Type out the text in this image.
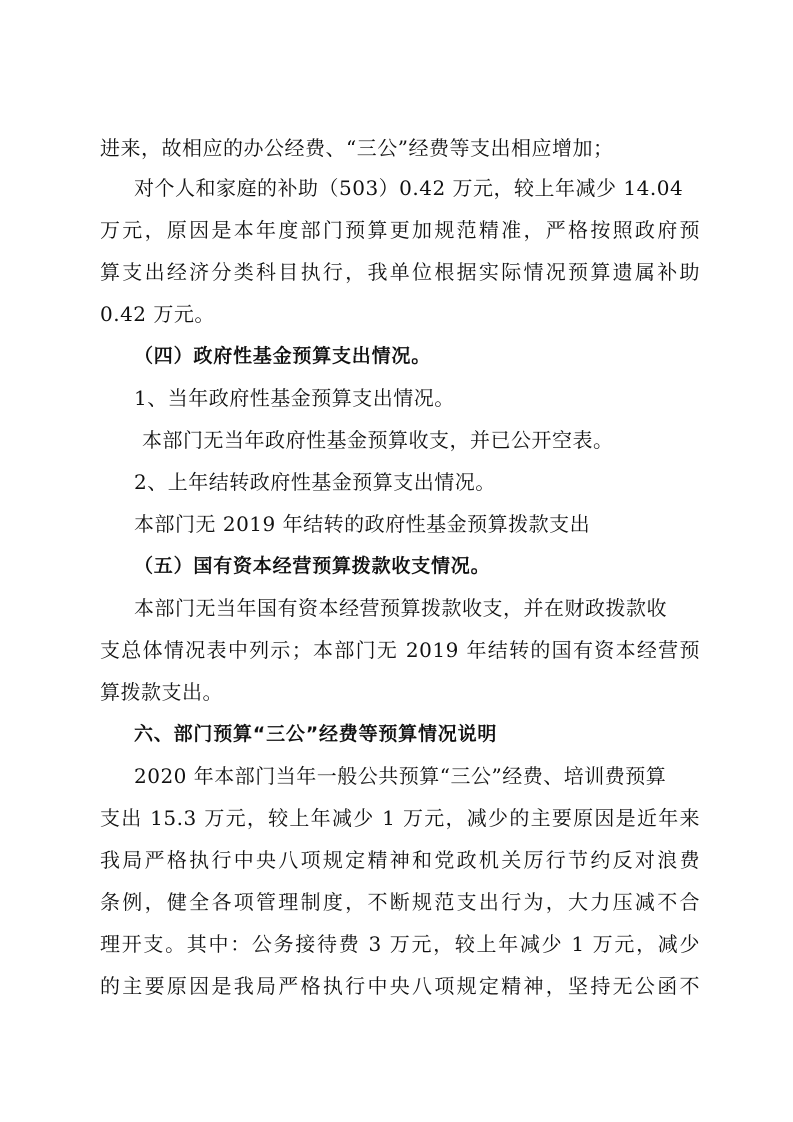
进来，故相应的办公经费、“三公”经费等支出相应增加；
对个人和家庭的补助（503）0.42 万元，较上年减少 14.04
万元，原因是本年度部门预算更加规范精准，严格按照政府预
算支出经济分类科目执行，我单位根据实际情况预算遗属补助
0.42 万元。
（四）政府性基金预算支出情况。
1、当年政府性基金预算支出情况。
本部门无当年政府性基金预算收支，并已公开空表。
2、上年结转政府性基金预算支出情况。
本部门无 2019 年结转的政府性基金预算拨款支出
（五）国有资本经营预算拨款收支情况。
本部门无当年国有资本经营预算拨款收支，并在财政拨款收
支总体情况表中列示；本部门无 2019 年结转的国有资本经营预
算拨款支出。
六、部门预算“三公”经费等预算情况说明
2020 年本部门当年一般公共预算“三公”经费、培训费预算
支出 15.3 万元，较上年减少 1 万元，减少的主要原因是近年来
我局严格执行中央八项规定精神和党政机关厉行节约反对浪费
条例，健全各项管理制度，不断规范支出行为，大力压减不合
理开支。其中：公务接待费 3 万元，较上年减少 1 万元，减少
的主要原因是我局严格执行中央八项规定精神，坚持无公函不
